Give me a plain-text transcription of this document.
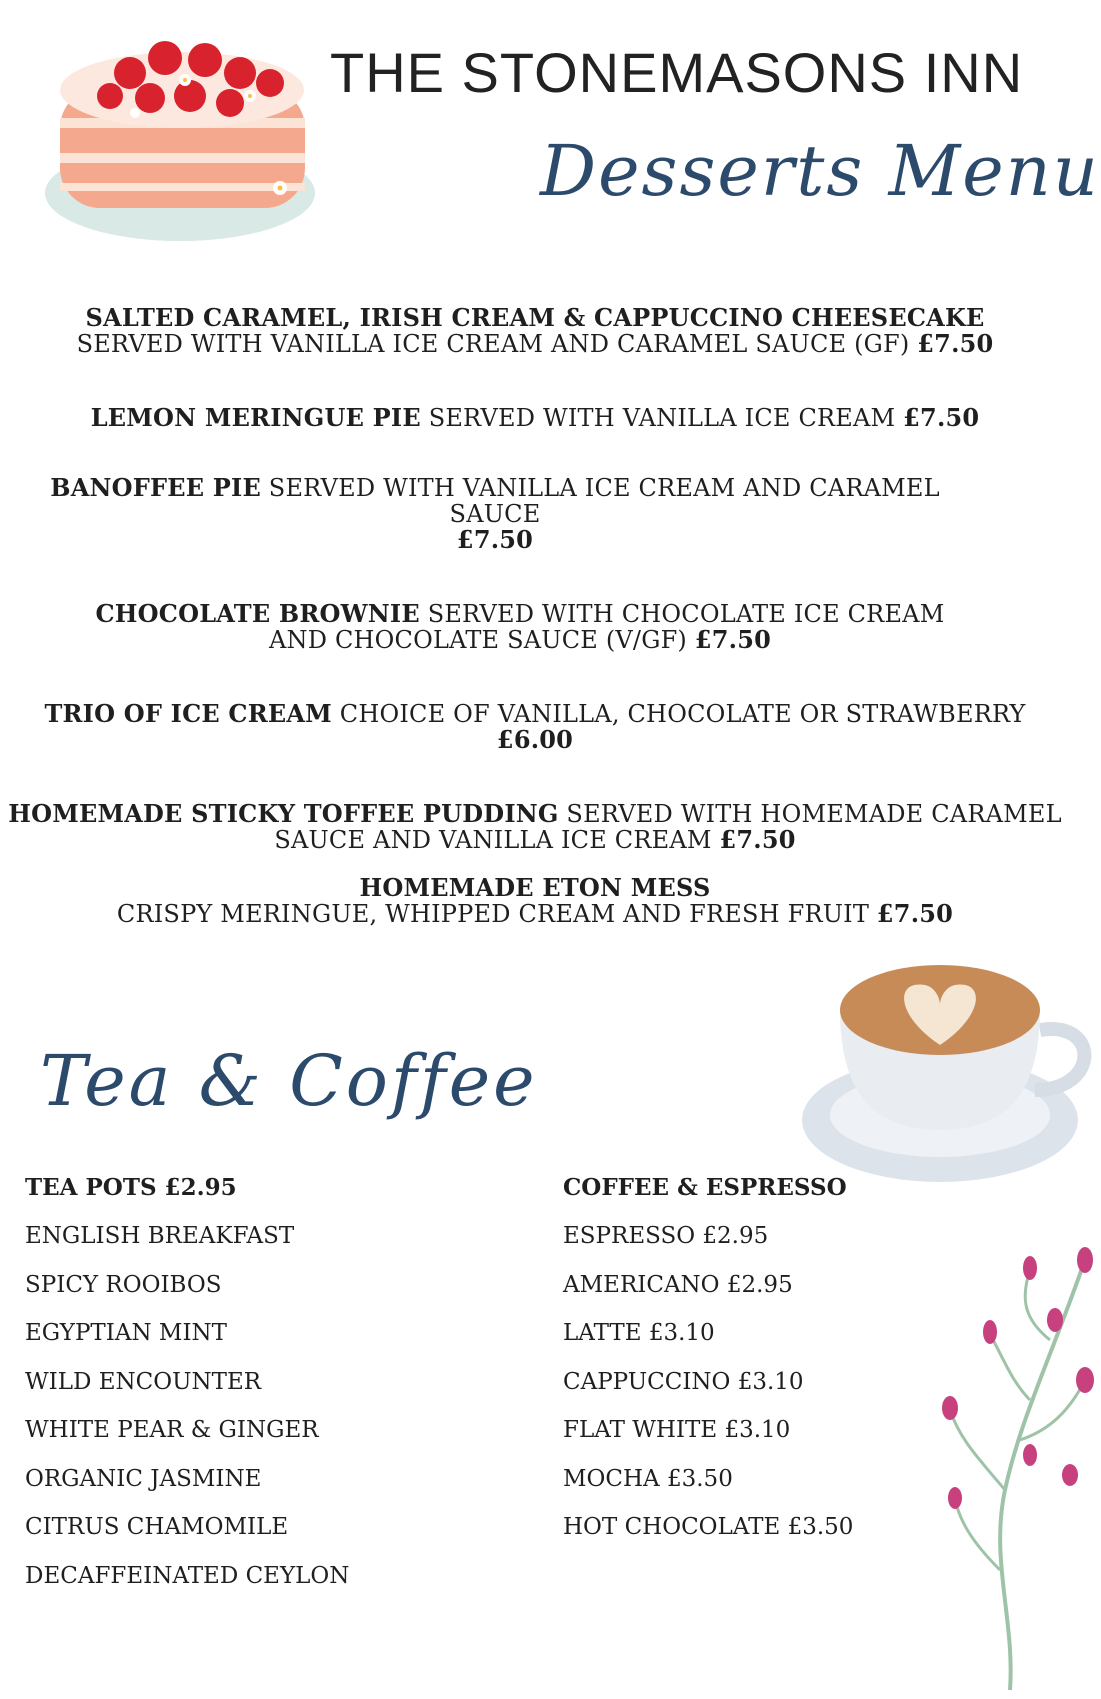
THE STONEMASONS INN
Desserts Menu
SALTED CARAMEL, IRISH CREAM & CAPPUCCINO CHEESECAKE
SERVED WITH VANILLA ICE CREAM AND CARAMEL SAUCE (GF) £7.50
LEMON MERINGUE PIE SERVED WITH VANILLA ICE CREAM £7.50
BANOFFEE PIE SERVED WITH VANILLA ICE CREAM AND CARAMEL SAUCE
£7.50
CHOCOLATE BROWNIE SERVED WITH CHOCOLATE ICE CREAM AND CHOCOLATE SAUCE (V/GF) £7.50
TRIO OF ICE CREAM CHOICE OF VANILLA, CHOCOLATE OR STRAWBERRY
£6.00
HOMEMADE STICKY TOFFEE PUDDING SERVED WITH HOMEMADE CARAMEL SAUCE AND VANILLA ICE CREAM £7.50
HOMEMADE ETON MESS
CRISPY MERINGUE, WHIPPED CREAM AND FRESH FRUIT £7.50
Tea & Coffee
TEA POTS £2.95
ENGLISH BREAKFAST
SPICY ROOIBOS
EGYPTIAN MINT
WILD ENCOUNTER
WHITE PEAR & GINGER
ORGANIC JASMINE
CITRUS CHAMOMILE
DECAFFEINATED CEYLON
COFFEE & ESPRESSO
ESPRESSO £2.95
AMERICANO £2.95
LATTE £3.10
CAPPUCCINO £3.10
FLAT WHITE £3.10
MOCHA £3.50
HOT CHOCOLATE £3.50
